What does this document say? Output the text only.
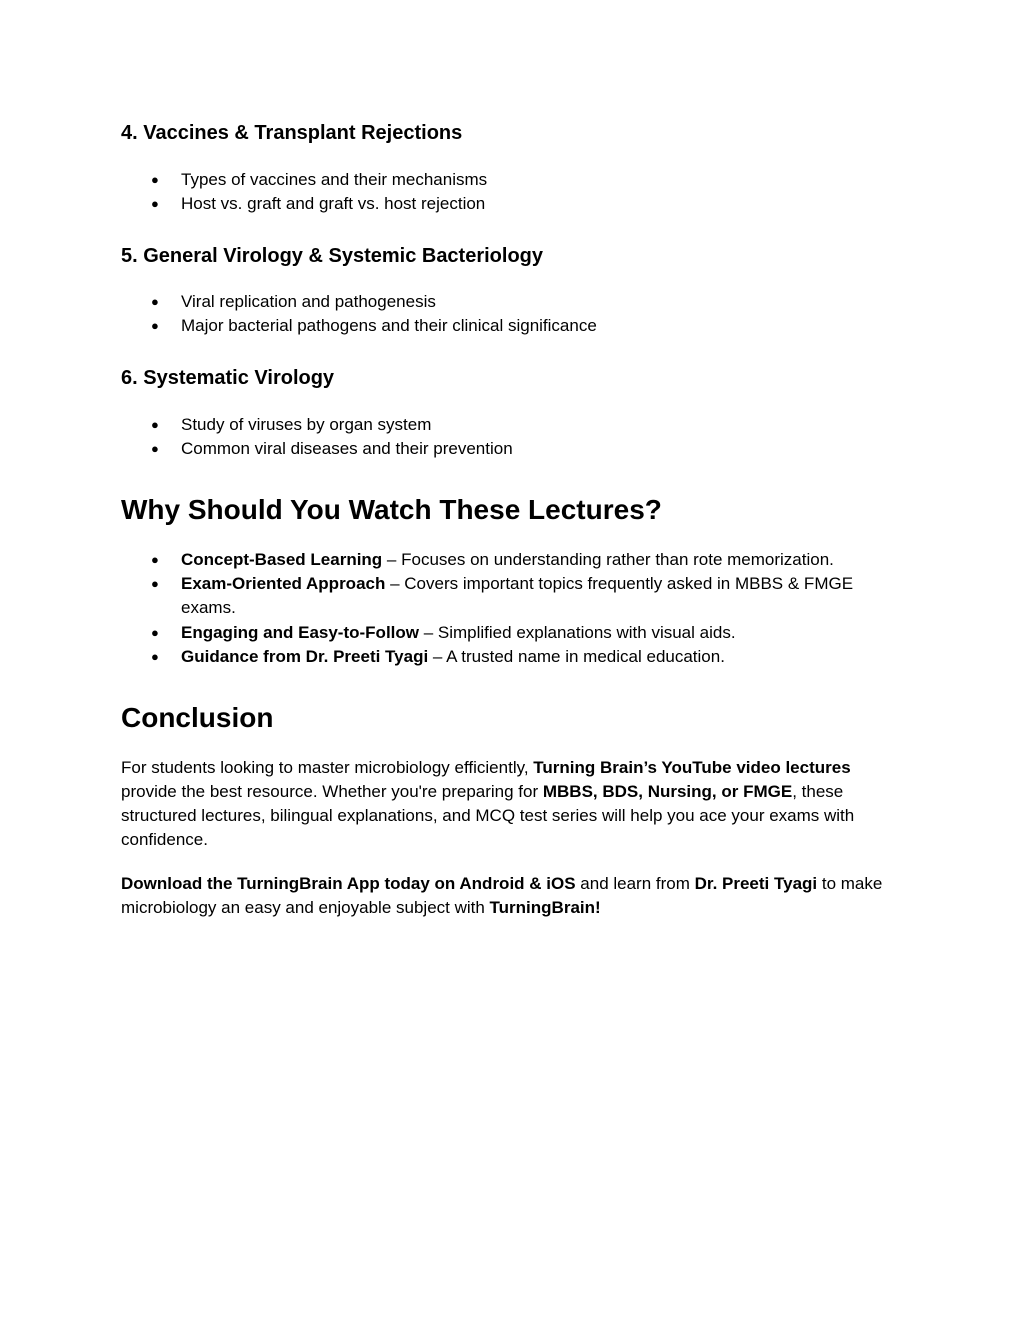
4. Vaccines & Transplant Rejections
● Types of vaccines and their mechanisms
● Host vs. graft and graft vs. host rejection
5. General Virology & Systemic Bacteriology
● Viral replication and pathogenesis
● Major bacterial pathogens and their clinical significance
6. Systematic Virology
● Study of viruses by organ system
● Common viral diseases and their prevention
Why Should You Watch These Lectures?
● Concept-Based Learning – Focuses on understanding rather than rote memorization.
● Exam-Oriented Approach – Covers important topics frequently asked in MBBS & FMGE exams.
● Engaging and Easy-to-Follow – Simplified explanations with visual aids.
● Guidance from Dr. Preeti Tyagi – A trusted name in medical education.
Conclusion

For students looking to master microbiology efficiently, Turning Brain’s YouTube video lectures provide the best resource. Whether you're preparing for MBBS, BDS, Nursing, or FMGE, these structured lectures, bilingual explanations, and MCQ test series will help you ace your exams with confidence.

Download the TurningBrain App today on Android & iOS and learn from Dr. Preeti Tyagi to make microbiology an easy and enjoyable subject with TurningBrain!
